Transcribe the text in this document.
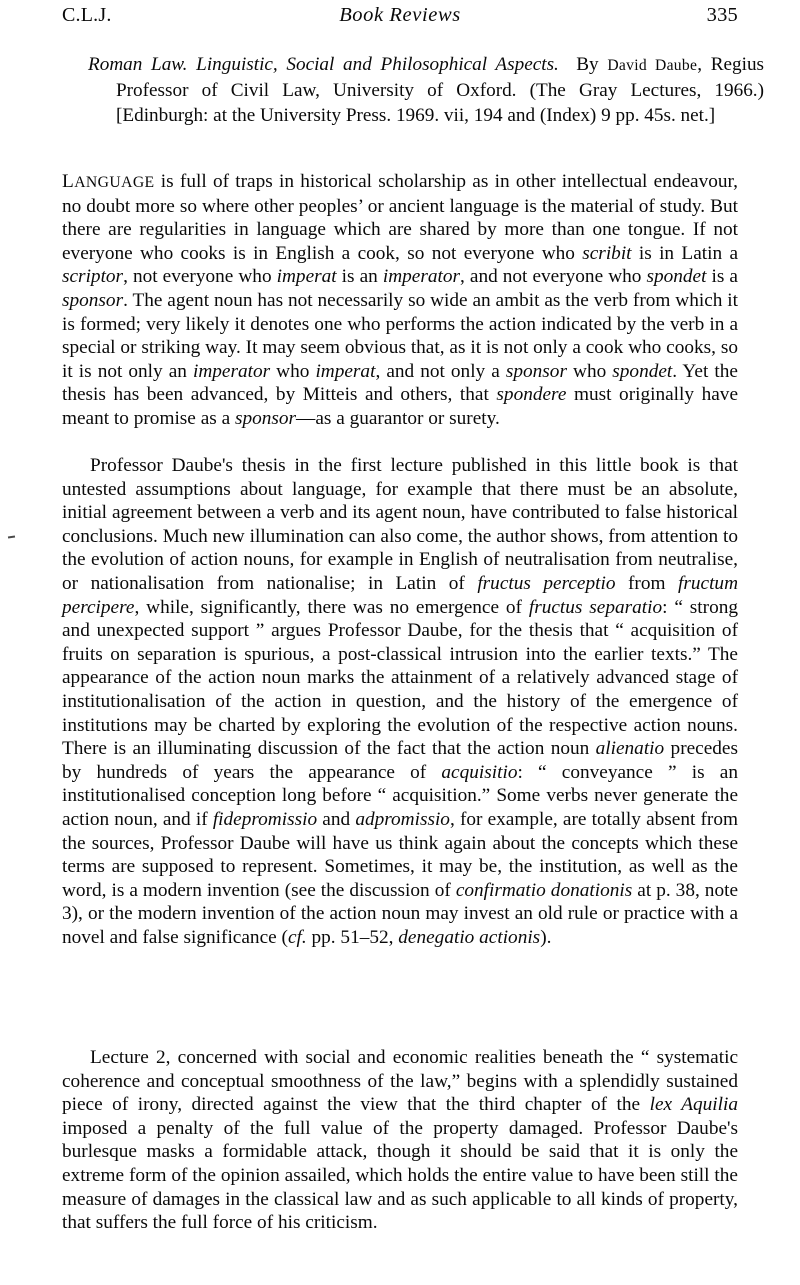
C.L.J.	Book Reviews	335
Roman Law. Linguistic, Social and Philosophical Aspects. By David Daube, Regius Professor of Civil Law, University of Oxford. (The Gray Lectures, 1966.) [Edinburgh: at the University Press. 1969. vii, 194 and (Index) 9 pp. 45s. net.]

LANGUAGE is full of traps in historical scholarship as in other intellectual endeavour, no doubt more so where other peoples’ or ancient language is the material of study. But there are regularities in language which are shared by more than one tongue. If not everyone who cooks is in English a cook, so not everyone who scribit is in Latin a scriptor, not everyone who imperat is an imperator, and not everyone who spondet is a sponsor. The agent noun has not necessarily so wide an ambit as the verb from which it is formed; very likely it denotes one who performs the action indicated by the verb in a special or striking way. It may seem obvious that, as it is not only a cook who cooks, so it is not only an imperator who imperat, and not only a sponsor who spondet. Yet the thesis has been advanced, by Mitteis and others, that spondere must originally have meant to promise as a sponsor—as a guarantor or surety.

Professor Daube's thesis in the first lecture published in this little book is that untested assumptions about language, for example that there must be an absolute, initial agreement between a verb and its agent noun, have contributed to false historical conclusions. Much new illumination can also come, the author shows, from attention to the evolution of action nouns, for example in English of neutralisation from neutralise, or nationalisation from nationalise; in Latin of fructus perceptio from fructum percipere, while, significantly, there was no emergence of fructus separatio: “ strong and unexpected support ” argues Professor Daube, for the thesis that “ acquisition of fruits on separation is spurious, a post-classical intrusion into the earlier texts.” The appearance of the action noun marks the attainment of a relatively advanced stage of institutionalisation of the action in question, and the history of the emergence of institutions may be charted by exploring the evolution of the respective action nouns. There is an illuminating discussion of the fact that the action noun alienatio precedes by hundreds of years the appearance of acquisitio: “ conveyance ” is an institutionalised conception long before “ acquisition.” Some verbs never generate the action noun, and if fidepromissio and adpromissio, for example, are totally absent from the sources, Professor Daube will have us think again about the concepts which these terms are supposed to represent. Sometimes, it may be, the institution, as well as the word, is a modern invention (see the discussion of confirmatio donationis at p. 38, note 3), or the modern invention of the action noun may invest an old rule or practice with a novel and false significance (cf. pp. 51–52, denegatio actionis).

Lecture 2, concerned with social and economic realities beneath the “ systematic coherence and conceptual smoothness of the law,” begins with a splendidly sustained piece of irony, directed against the view that the third chapter of the lex Aquilia imposed a penalty of the full value of the property damaged. Professor Daube's burlesque masks a formidable attack, though it should be said that it is only the extreme form of the opinion assailed, which holds the entire value to have been still the measure of damages in the classical law and as such applicable to all kinds of property, that suffers the full force of his criticism.
